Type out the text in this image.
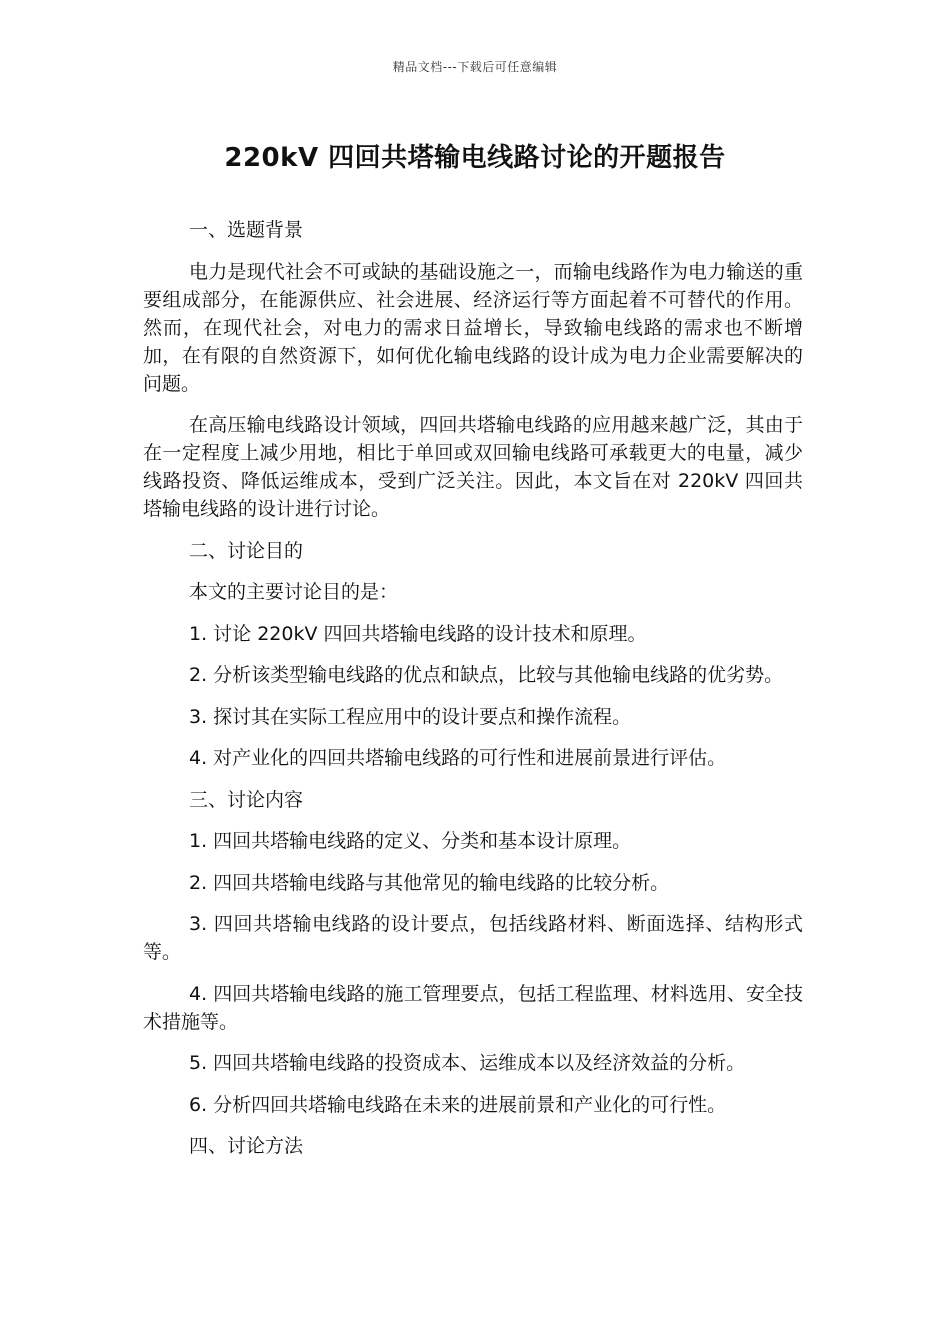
精品文档---下载后可任意编辑
220kV 四回共塔输电线路讨论的开题报告

一、选题背景

电力是现代社会不可或缺的基础设施之一，而输电线路作为电力输送的重要组成部分，在能源供应、社会进展、经济运行等方面起着不可替代的作用。然而，在现代社会，对电力的需求日益增长，导致输电线路的需求也不断增加，在有限的自然资源下，如何优化输电线路的设计成为电力企业需要解决的问题。

在高压输电线路设计领域，四回共塔输电线路的应用越来越广泛，其由于在一定程度上减少用地，相比于单回或双回输电线路可承载更大的电量，减少线路投资、降低运维成本，受到广泛关注。因此，本文旨在对 220kV 四回共塔输电线路的设计进行讨论。

二、讨论目的

本文的主要讨论目的是：

1. 讨论 220kV 四回共塔输电线路的设计技术和原理。

2. 分析该类型输电线路的优点和缺点，比较与其他输电线路的优劣势。

3. 探讨其在实际工程应用中的设计要点和操作流程。

4. 对产业化的四回共塔输电线路的可行性和进展前景进行评估。

三、讨论内容

1. 四回共塔输电线路的定义、分类和基本设计原理。

2. 四回共塔输电线路与其他常见的输电线路的比较分析。

3. 四回共塔输电线路的设计要点，包括线路材料、断面选择、结构形式等。

4. 四回共塔输电线路的施工管理要点，包括工程监理、材料选用、安全技术措施等。

5. 四回共塔输电线路的投资成本、运维成本以及经济效益的分析。

6. 分析四回共塔输电线路在未来的进展前景和产业化的可行性。

四、讨论方法
